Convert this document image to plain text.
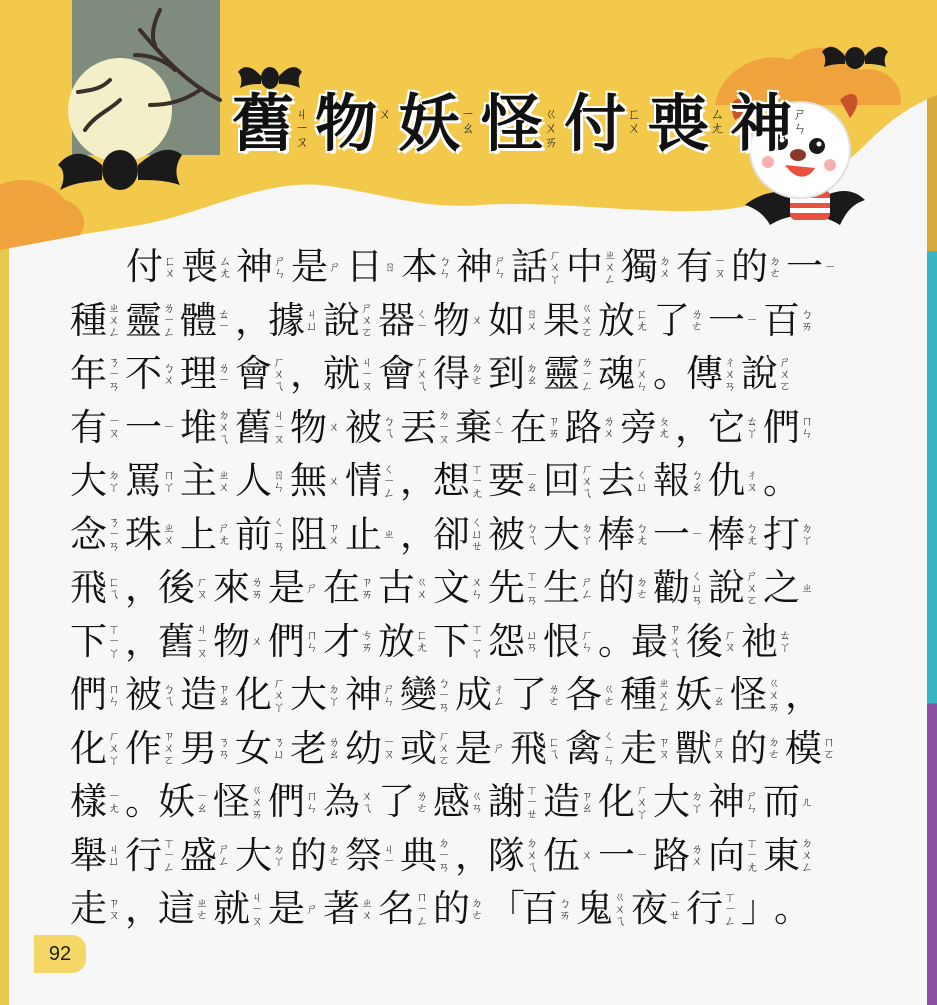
舊 ㄐ
ㄧ
ㄡ 物 ㄨ 妖 ㄧ
ㄠ 怪 ㄍ
ㄨ
ㄞ 付 ㄈ
ㄨ 喪 ㄙ
ㄤ 神 ㄕ
ㄣ
付 ㄈ
ㄨ 喪 ㄙ
ㄤ 神 ㄕ
ㄣ 是 ㄕ 日 ㄖ 本 ㄅ
ㄣ 神 ㄕ
ㄣ 話 ㄏ
ㄨ
ㄚ 中 ㄓ
ㄨ
ㄥ 獨 ㄉ
ㄨ 有 ㄧ
ㄡ 的 ㄉ
ㄜ 一 ㄧ
種 ㄓ
ㄨ
ㄥ 靈 ㄌ
ㄧ
ㄥ 體 ㄊ
ㄧ ，
據 ㄐ
ㄩ 說 ㄕ
ㄨ
ㄛ 器 ㄑ
ㄧ 物 ㄨ 如 ㄖ
ㄨ 果 ㄍ
ㄨ
ㄛ 放 ㄈ
ㄤ 了 ㄌ
ㄜ 一 ㄧ 百 ㄅ
ㄞ
年 ㄋ
ㄧ
ㄢ 不 ㄅ
ㄨ 理 ㄌ
ㄧ 會 ㄏ
ㄨ
ㄟ ，
就 ㄐ
ㄧ
ㄡ 會 ㄏ
ㄨ
ㄟ 得 ㄉ
ㄜ 到 ㄉ
ㄠ 靈 ㄌ
ㄧ
ㄥ 魂 ㄏ
ㄨ
ㄣ 。
傳 ㄔ
ㄨ
ㄢ 說 ㄕ
ㄨ
ㄛ
有 ㄧ
ㄡ 一 ㄧ 堆 ㄉ
ㄨ
ㄟ 舊 ㄐ
ㄧ
ㄡ 物 ㄨ 被 ㄅ
ㄟ 丟 ㄉ
ㄧ
ㄡ 棄 ㄑ
ㄧ 在 ㄗ
ㄞ 路 ㄌ
ㄨ 旁 ㄆ
ㄤ ，
它 ㄊ
ㄚ 們 ㄇ
ㄣ
大 ㄉ
ㄚ 罵 ㄇ
ㄚ 主 ㄓ
ㄨ 人 ㄖ
ㄣ 無 ㄨ 情 ㄑ
ㄧ
ㄥ ，
想 ㄒ
ㄧ
ㄤ 要 ㄧ
ㄠ 回 ㄏ
ㄨ
ㄟ 去 ㄑ
ㄩ 報 ㄅ
ㄠ 仇 ㄔ
ㄡ 。
念 ㄋ
ㄧ
ㄢ 珠 ㄓ
ㄨ 上 ㄕ
ㄤ 前 ㄑ
ㄧ
ㄢ 阻 ㄗ
ㄨ 止 ㄓ ，
卻 ㄑ
ㄩ
ㄝ 被 ㄅ
ㄟ 大 ㄉ
ㄚ 棒 ㄅ
ㄤ 一 ㄧ 棒 ㄅ
ㄤ 打 ㄉ
ㄚ
飛 ㄈ
ㄟ ，
後 ㄏ
ㄡ 來 ㄌ
ㄞ 是 ㄕ 在 ㄗ
ㄞ 古 ㄍ
ㄨ 文 ㄨ
ㄣ 先 ㄒ
ㄧ
ㄢ 生 ㄕ
ㄥ 的 ㄉ
ㄜ 勸 ㄑ
ㄩ
ㄢ 說 ㄕ
ㄨ
ㄛ 之 ㄓ
下 ㄒ
ㄧ
ㄚ ，
舊 ㄐ
ㄧ
ㄡ 物 ㄨ 們 ㄇ
ㄣ 才 ㄘ
ㄞ 放 ㄈ
ㄤ 下 ㄒ
ㄧ
ㄚ 怨 ㄩ
ㄢ 恨 ㄏ
ㄣ 。
最 ㄗ
ㄨ
ㄟ 後 ㄏ
ㄡ 祂 ㄊ
ㄚ
們 ㄇ
ㄣ 被 ㄅ
ㄟ 造 ㄗ
ㄠ 化 ㄏ
ㄨ
ㄚ 大 ㄉ
ㄚ 神 ㄕ
ㄣ 變 ㄅ
ㄧ
ㄢ 成 ㄔ
ㄥ 了 ㄌ
ㄜ 各 ㄍ
ㄜ 種 ㄓ
ㄨ
ㄥ 妖 ㄧ
ㄠ 怪 ㄍ
ㄨ
ㄞ ，
化 ㄏ
ㄨ
ㄚ 作 ㄗ
ㄨ
ㄛ 男 ㄋ
ㄢ 女 ㄋ
ㄩ 老 ㄌ
ㄠ 幼 ㄧ
ㄡ 或 ㄏ
ㄨ
ㄛ 是 ㄕ 飛 ㄈ
ㄟ 禽 ㄑ
ㄧ
ㄣ 走 ㄗ
ㄡ 獸 ㄕ
ㄡ 的 ㄉ
ㄜ 模 ㄇ
ㄛ
樣 ㄧ
ㄤ 。
妖 ㄧ
ㄠ 怪 ㄍ
ㄨ
ㄞ 們 ㄇ
ㄣ 為 ㄨ
ㄟ 了 ㄌ
ㄜ 感 ㄍ
ㄢ 謝 ㄒ
ㄧ
ㄝ 造 ㄗ
ㄠ 化 ㄏ
ㄨ
ㄚ 大 ㄉ
ㄚ 神 ㄕ
ㄣ 而 ㄦ
舉 ㄐ
ㄩ 行 ㄒ
ㄧ
ㄥ 盛 ㄕ
ㄥ 大 ㄉ
ㄚ 的 ㄉ
ㄜ 祭 ㄐ
ㄧ 典 ㄉ
ㄧ
ㄢ ，
隊 ㄉ
ㄨ
ㄟ 伍 ㄨ 一 ㄧ 路 ㄌ
ㄨ 向 ㄒ
ㄧ
ㄤ 東 ㄉ
ㄨ
ㄥ
走 ㄗ
ㄡ ，
這 ㄓ
ㄜ 就 ㄐ
ㄧ
ㄡ 是 ㄕ 著 ㄓ
ㄨ 名 ㄇ
ㄧ
ㄥ 的 ㄉ
ㄜ 「
百 ㄅ
ㄞ 鬼 ㄍ
ㄨ
ㄟ 夜 ㄧ
ㄝ 行 ㄒ
ㄧ
ㄥ 」
。
92
